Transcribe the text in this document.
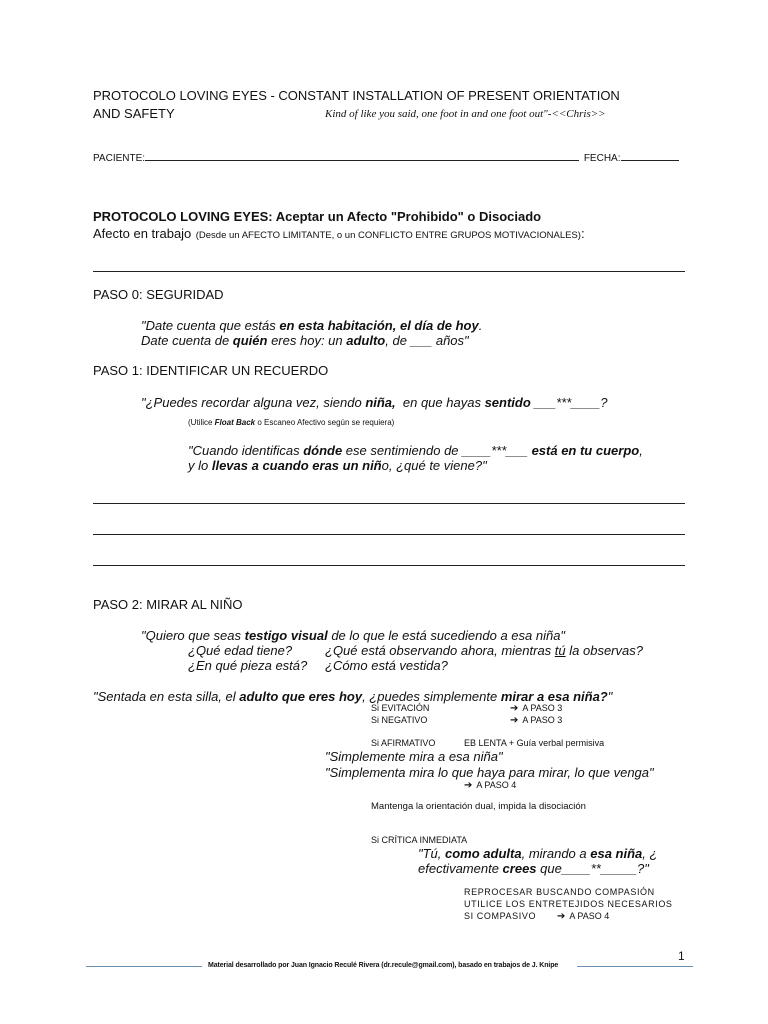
PROTOCOLO LOVING EYES - CONSTANT INSTALLATION OF PRESENT ORIENTATION
AND SAFETY	Kind of like you said, one foot in and one foot out"-<<Chris>>
PACIENTE:	FECHA:
PROTOCOLO LOVING EYES: Aceptar un Afecto "Prohibido" o Disociado
Afecto en trabajo (Desde un AFECTO LIMITANTE, o un CONFLICTO ENTRE GRUPOS MOTIVACIONALES):
PASO 0: SEGURIDAD
"Date cuenta que estás en esta habitación, el día de hoy.
Date cuenta de quién eres hoy: un adulto, de ___ años"
PASO 1: IDENTIFICAR UN RECUERDO
"¿Puedes recordar alguna vez, siendo niña,  en que hayas sentido ___***____?
(Utilice Float Back o Escaneo Afectivo según se requiera)
"Cuando identificas dónde ese sentimiendo de ____***___ está en tu cuerpo,
y lo llevas a cuando eras un niño, ¿qué te viene?"
PASO 2: MIRAR AL NIÑO
"Quiero que seas testigo visual de lo que le está sucediendo a esa niña"
¿Qué edad tiene?	¿Qué está observando ahora, mientras tú la observas?
¿En qué pieza está? ¿Cómo está vestida?
"Sentada en esta silla, el adulto que eres hoy, ¿puedes simplemente mirar a esa niña?"
Si EVITACIÓN	➔ A PASO 3
Si NEGATIVO	➔ A PASO 3
Si AFIRMATIVO	EB LENTA + Guía verbal permisiva
"Simplemente mira a esa niña"
"Simplementa mira lo que haya para mirar, lo que venga"
➔ A PASO 4
Mantenga la orientación dual, impida la disociación
Si CRÍTICA INMEDIATA
"Tú, como adulta, mirando a esa niña, ¿
efectivamente crees que____**_____?"
REPROCESAR BUSCANDO COMPASIÓN
UTILICE LOS ENTRETEJIDOS NECESARIOS
SI COMPASIVO ➔ A PASO 4
1
Material desarrollado por Juan Ignacio Reculé Rivera (dr.recule@gmail.com), basado en trabajos de J. Knipe
